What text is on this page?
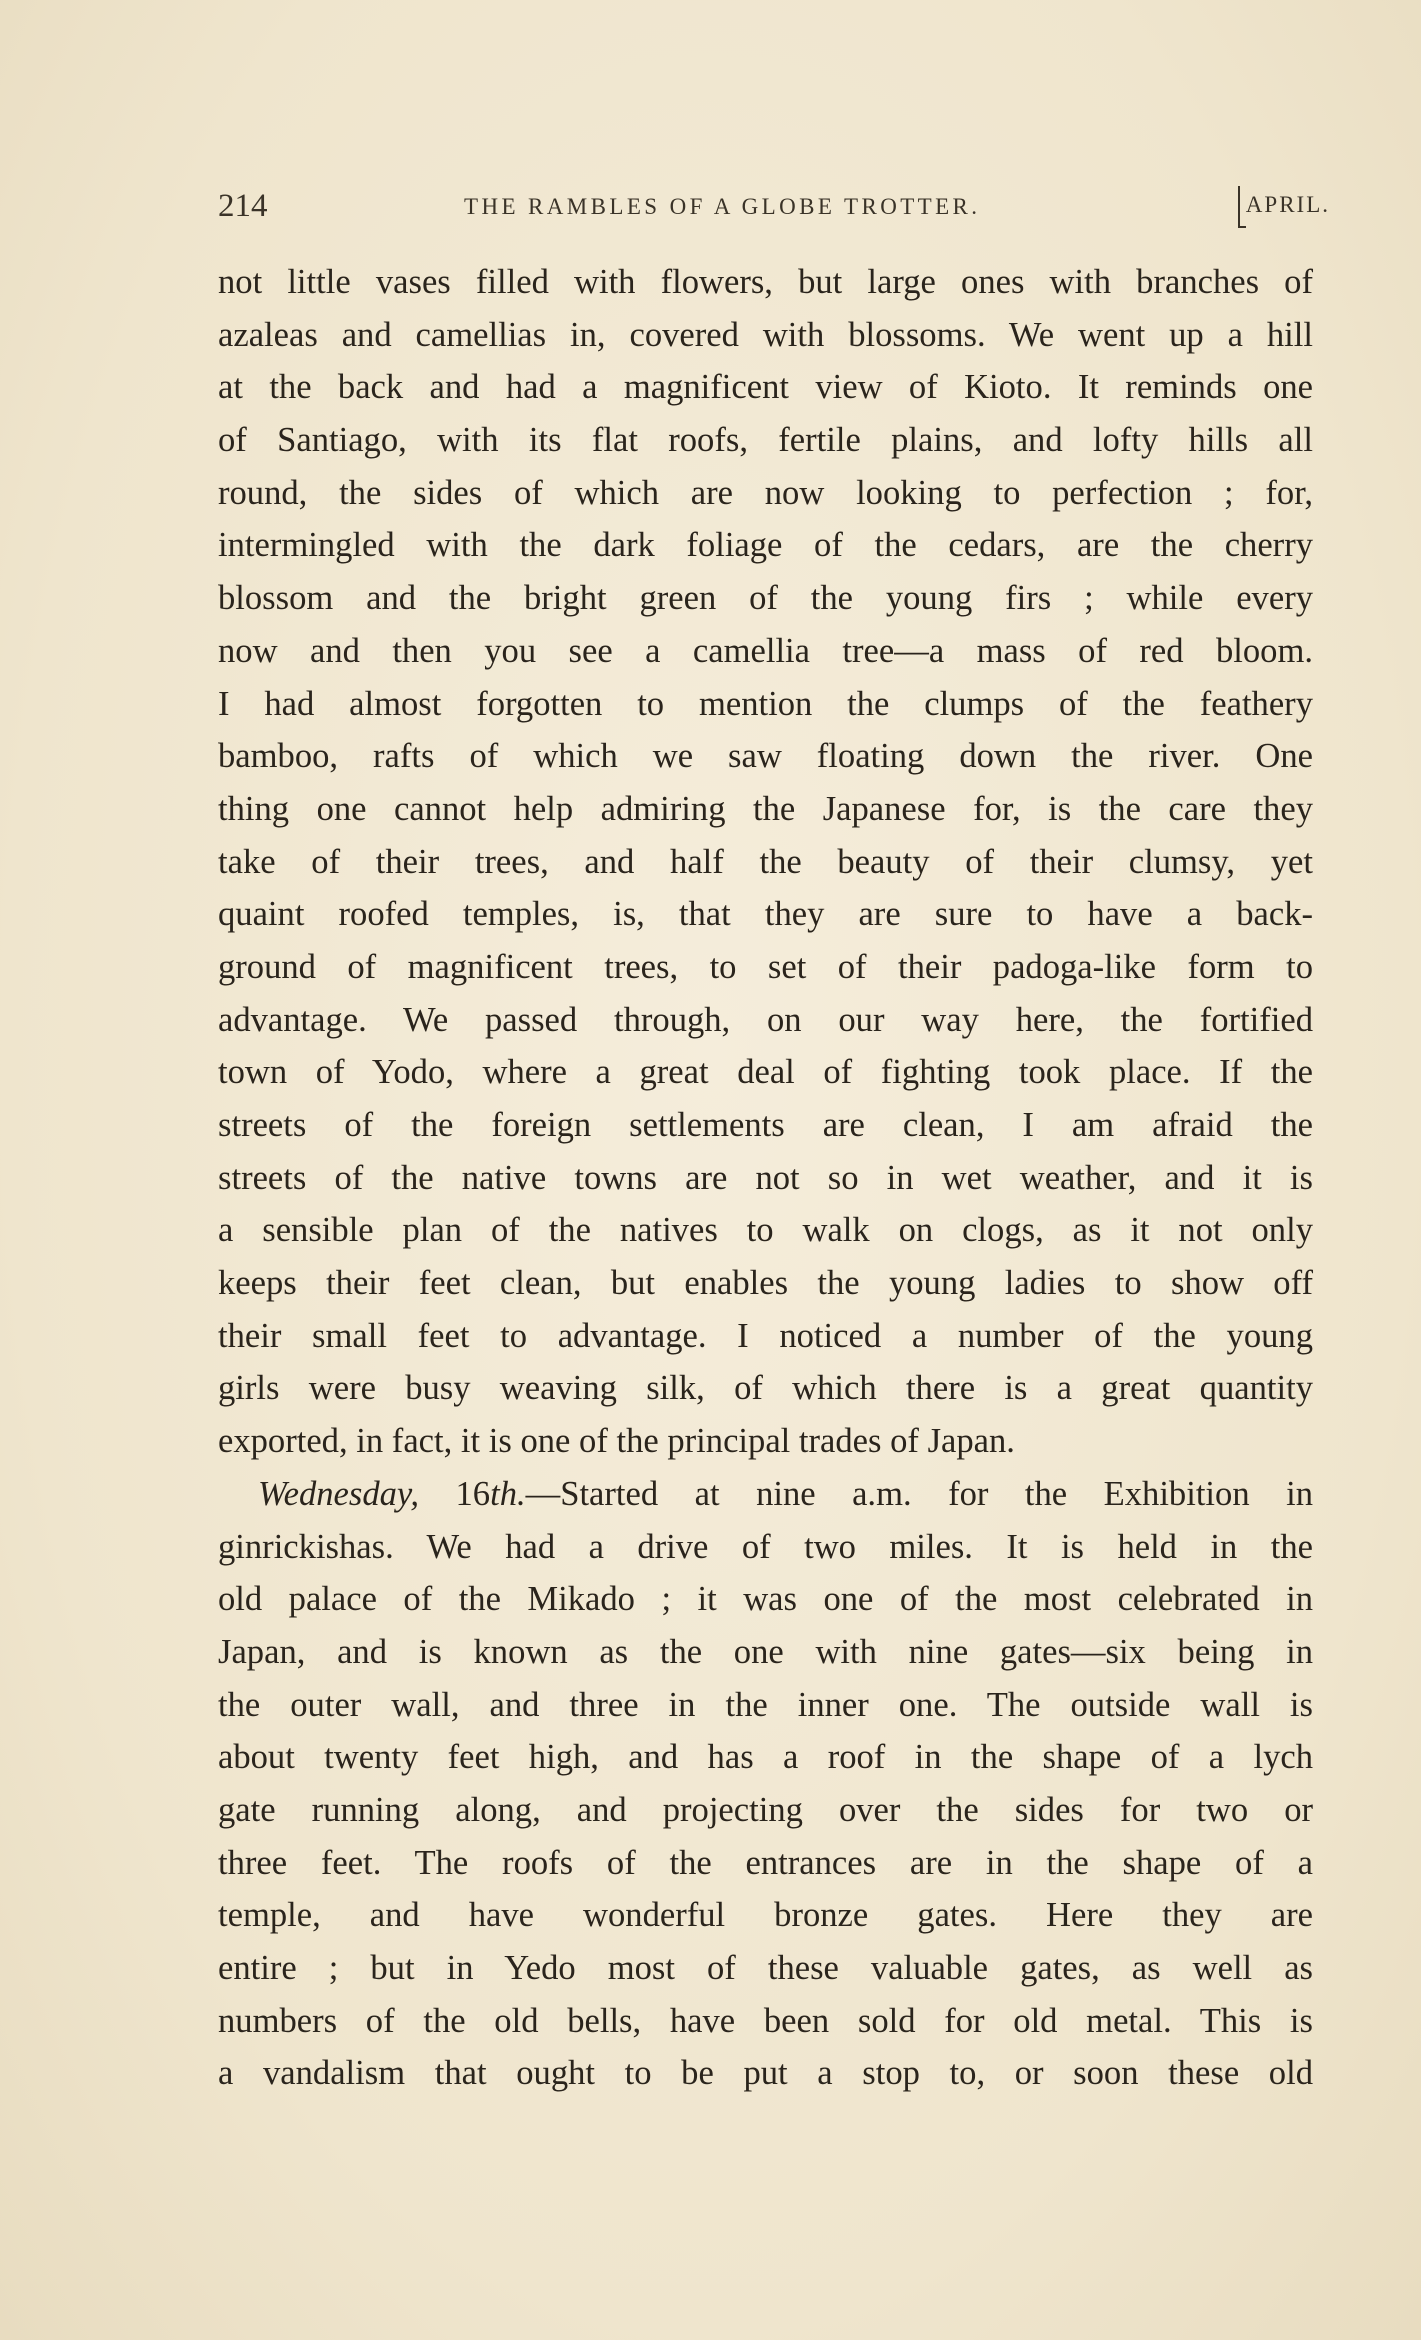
214	THE RAMBLES OF A GLOBE TROTTER.	APRIL.
not little vases filled with flowers, but large ones with branches of
azaleas and camellias in, covered with blossoms. We went up a hill
at the back and had a magnificent view of Kioto. It reminds one
of Santiago, with its flat roofs, fertile plains, and lofty hills all
round, the sides of which are now looking to perfection ; for,
intermingled with the dark foliage of the cedars, are the cherry
blossom and the bright green of the young firs ; while every
now and then you see a camellia tree—a mass of red bloom.
I had almost forgotten to mention the clumps of the feathery
bamboo, rafts of which we saw floating down the river. One
thing one cannot help admiring the Japanese for, is the care they
take of their trees, and half the beauty of their clumsy, yet
quaint roofed temples, is, that they are sure to have a back-
ground of magnificent trees, to set of their padoga-like form to
advantage. We passed through, on our way here, the fortified
town of Yodo, where a great deal of fighting took place. If the
streets of the foreign settlements are clean, I am afraid the
streets of the native towns are not so in wet weather, and it is
a sensible plan of the natives to walk on clogs, as it not only
keeps their feet clean, but enables the young ladies to show off
their small feet to advantage. I noticed a number of the young
girls were busy weaving silk, of which there is a great quantity
exported, in fact, it is one of the principal trades of Japan.
Wednesday, 16th.—Started at nine a.m. for the Exhibition in
ginrickishas. We had a drive of two miles. It is held in the
old palace of the Mikado ; it was one of the most celebrated in
Japan, and is known as the one with nine gates—six being in
the outer wall, and three in the inner one. The outside wall is
about twenty feet high, and has a roof in the shape of a lych
gate running along, and projecting over the sides for two or
three feet. The roofs of the entrances are in the shape of a
temple, and have wonderful bronze gates. Here they are
entire ; but in Yedo most of these valuable gates, as well as
numbers of the old bells, have been sold for old metal. This is
a vandalism that ought to be put a stop to, or soon these old
